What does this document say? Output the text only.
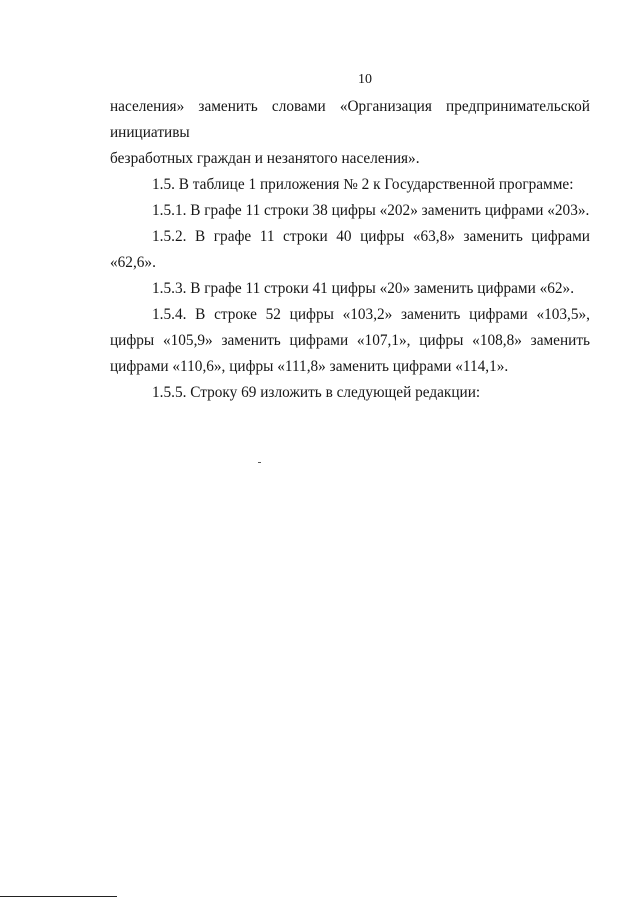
10

населения» заменить словами «Организация предпринимательской инициативы
безработных граждан и незанятого населения».

1.5. В таблице 1 приложения № 2 к Государственной программе:

1.5.1. В графе 11 строки 38 цифры «202» заменить цифрами «203».

1.5.2. В графе 11 строки 40 цифры «63,8» заменить цифрами «62,6».

1.5.3. В графе 11 строки 41 цифры «20» заменить цифрами «62».

1.5.4. В строке 52 цифры «103,2» заменить цифрами «103,5», цифры «105,9» заменить цифрами «107,1», цифры «108,8» заменить цифрами «110,6», цифры «111,8» заменить цифрами «114,1».

1.5.5. Строку 69 изложить в следующей редакции:
